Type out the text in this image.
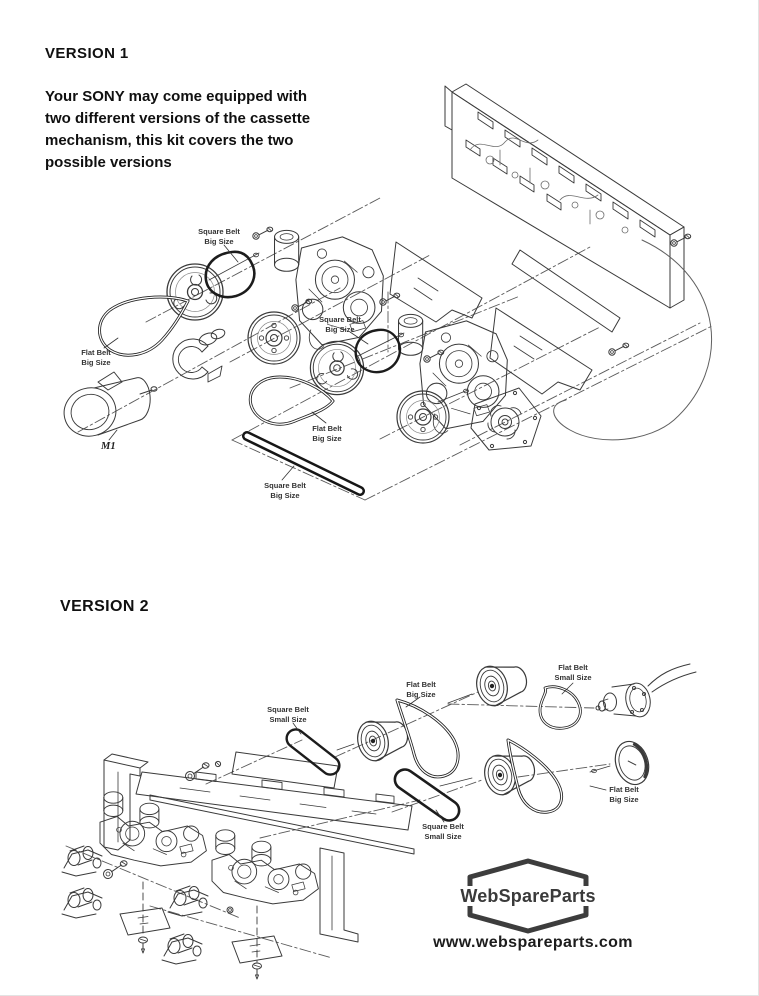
VERSION 1
Your SONY may come equipped with
two different versions of the cassette
mechanism, this kit covers the two
possible versions
Square Belt
Big Size
Square Belt
Big Size
Flat Belt
Big Size
Flat Belt
Big Size
Square Belt
Big Size
M1
VERSION 2
Square Belt
Small Size
Flat Belt
Big Size
Flat Belt
Small Size
Flat Belt
Big Size
Square Belt
Small Size
WebSpareParts
www.webspareparts.com
